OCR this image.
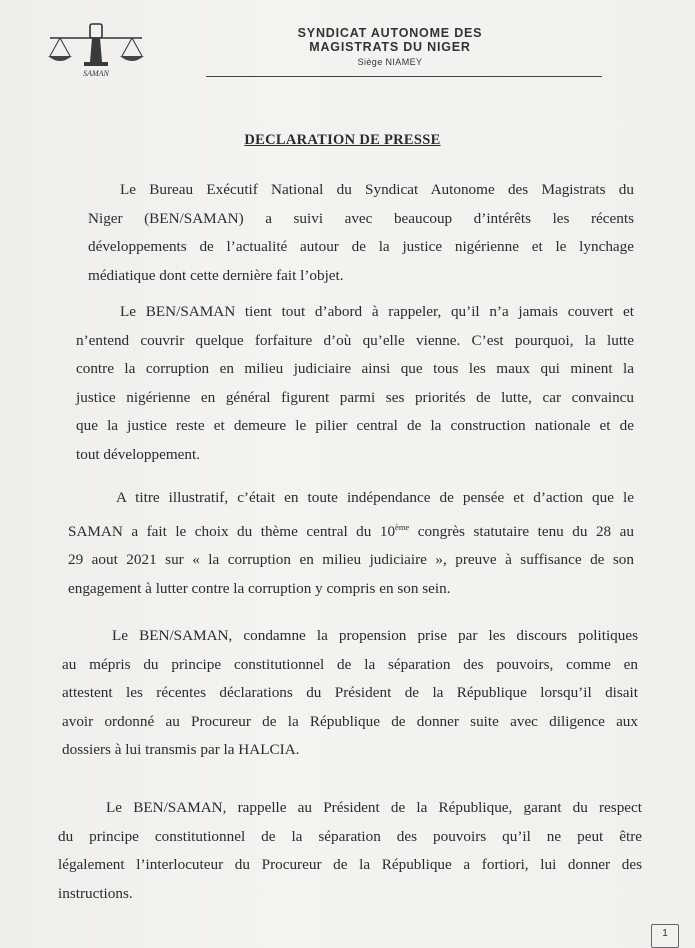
SAMAN
SYNDICAT AUTONOME DES
MAGISTRATS DU NIGER
Siège NIAMEY
DECLARATION DE PRESSE
Le Bureau Exécutif National du Syndicat Autonome des Magistrats du
Niger (BEN/SAMAN) a suivi avec beaucoup d’intérêts les récents
développements de l’actualité autour de la justice nigérienne et le lynchage
médiatique dont cette dernière fait l’objet.
Le BEN/SAMAN tient tout d’abord à rappeler, qu’il n’a jamais couvert et
n’entend couvrir quelque forfaiture d’où qu’elle vienne. C’est pourquoi, la lutte
contre la corruption en milieu judiciaire ainsi que tous les maux qui minent la
justice nigérienne en général figurent parmi ses priorités de lutte, car convaincu
que la justice reste et demeure le pilier central de la construction nationale et de
tout développement.
A titre illustratif, c’était en toute indépendance de pensée et d’action que le
SAMAN a fait le choix du thème central du 10ème congrès statutaire tenu du 28 au
29 aout 2021 sur « la corruption en milieu judiciaire », preuve à suffisance de son
engagement à lutter contre la corruption y compris en son sein.
Le BEN/SAMAN, condamne la propension prise par les discours politiques
au mépris du principe constitutionnel de la séparation des pouvoirs, comme en
attestent les récentes déclarations du Président de la République lorsqu’il disait
avoir ordonné au Procureur de la République de donner suite avec diligence aux
dossiers à lui transmis par la HALCIA.
Le BEN/SAMAN, rappelle au Président de la République, garant du respect
du principe constitutionnel de la séparation des pouvoirs qu’il ne peut être
légalement l’interlocuteur du Procureur de la République a fortiori, lui donner des
instructions.
1
